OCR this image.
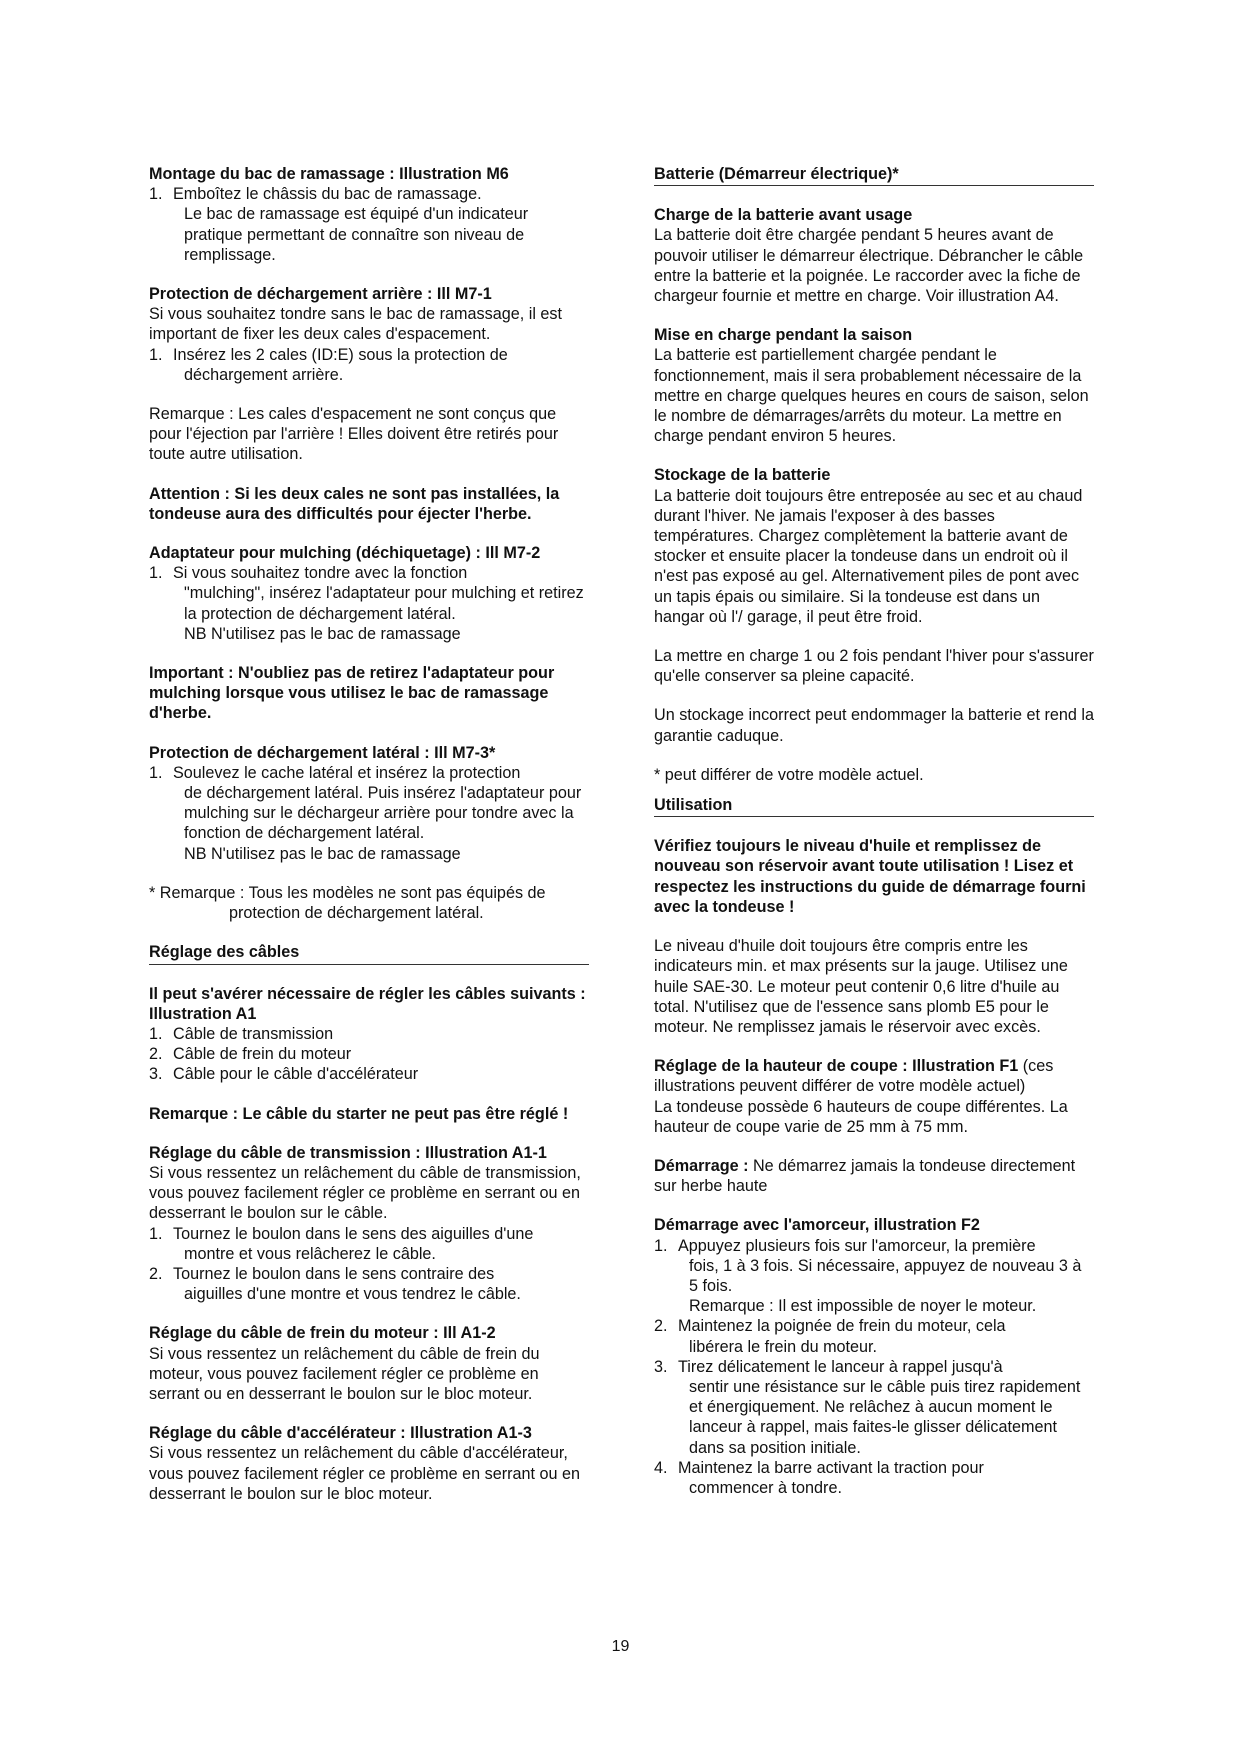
Montage du bac de ramassage : Illustration M6

1. Emboîtez le châssis du bac de ramassage.

Le bac de ramassage est équipé d'un indicateur pratique permettant de connaître son niveau de remplissage.

Protection de déchargement arrière : Ill M7-1

Si vous souhaitez tondre sans le bac de ramassage, il est important de fixer les deux cales d'espacement.

1. Insérez les 2 cales (ID:E) sous la protection de
déchargement arrière.

Remarque : Les cales d'espacement ne sont conçus que pour l'éjection par l'arrière ! Elles doivent être retirés pour toute autre utilisation.

Attention : Si les deux cales ne sont pas installées, la tondeuse aura des difficultés pour éjecter l'herbe.

Adaptateur pour mulching (déchiquetage) : Ill M7-2

1. Si vous souhaitez tondre avec la fonction
"mulching", insérez l'adaptateur pour mulching et retirez la protection de déchargement latéral.
NB N'utilisez pas le bac de ramassage

Important : N'oubliez pas de retirez l'adaptateur pour mulching lorsque vous utilisez le bac de ramassage d'herbe.

Protection de déchargement latéral : Ill M7-3*

1. Soulevez le cache latéral et insérez la protection
de déchargement latéral. Puis insérez l'adaptateur pour mulching sur le déchargeur arrière pour tondre avec la fonction de déchargement latéral.
NB N'utilisez pas le bac de ramassage

* Remarque : Tous les modèles ne sont pas équipés de

protection de déchargement latéral.

Réglage des câbles

Il peut s'avérer nécessaire de régler les câbles suivants : Illustration A1

1. Câble de transmission
2. Câble de frein du moteur
3. Câble pour le câble d'accélérateur

Remarque : Le câble du starter ne peut pas être réglé !

Réglage du câble de transmission : Illustration A1-1

Si vous ressentez un relâchement du câble de transmission, vous pouvez facilement régler ce problème en serrant ou en desserrant le boulon sur le câble.

1. Tournez le boulon dans le sens des aiguilles d'une
montre et vous relâcherez le câble.
2. Tournez le boulon dans le sens contraire des
aiguilles d'une montre et vous tendrez le câble.

Réglage du câble de frein du moteur : Ill A1-2

Si vous ressentez un relâchement du câble de frein du moteur, vous pouvez facilement régler ce problème en serrant ou en desserrant le boulon sur le bloc moteur.

Réglage du câble d'accélérateur : Illustration A1-3

Si vous ressentez un relâchement du câble d'accélérateur, vous pouvez facilement régler ce problème en serrant ou en desserrant le boulon sur le bloc moteur.

Batterie (Démarreur électrique)*

Charge de la batterie avant usage

La batterie doit être chargée pendant 5 heures avant de pouvoir utiliser le démarreur électrique. Débrancher le câble entre la batterie et la poignée. Le raccorder avec la fiche de chargeur fournie et mettre en charge. Voir illustration A4.

Mise en charge pendant la saison

La batterie est partiellement chargée pendant le fonctionnement, mais il sera probablement nécessaire de la mettre en charge quelques heures en cours de saison, selon le nombre de démarrages/arrêts du moteur. La mettre en charge pendant environ 5 heures.

Stockage de la batterie

La batterie doit toujours être entreposée au sec et au chaud durant l'hiver. Ne jamais l'exposer à des basses températures. Chargez complètement la batterie avant de stocker et ensuite placer la tondeuse dans un endroit où il n'est pas exposé au gel. Alternativement piles de pont avec un tapis épais ou similaire. Si la tondeuse est dans un hangar où l'/ garage, il peut être froid.

La mettre en charge 1 ou 2 fois pendant l'hiver pour s'assurer qu'elle conserver sa pleine capacité.

Un stockage incorrect peut endommager la batterie et rend la garantie caduque.

* peut différer de votre modèle actuel.

Utilisation

Vérifiez toujours le niveau d'huile et remplissez de nouveau son réservoir avant toute utilisation ! Lisez et respectez les instructions du guide de démarrage fourni avec la tondeuse !

Le niveau d'huile doit toujours être compris entre les indicateurs min. et max présents sur la jauge. Utilisez une huile SAE-30. Le moteur peut contenir 0,6 litre d'huile au total. N'utilisez que de l'essence sans plomb E5 pour le moteur. Ne remplissez jamais le réservoir avec excès.

Réglage de la hauteur de coupe : Illustration F1 (ces illustrations peuvent différer de votre modèle actuel)

La tondeuse possède 6 hauteurs de coupe différentes. La hauteur de coupe varie de 25 mm à 75 mm.

Démarrage : Ne démarrez jamais la tondeuse directement sur herbe haute

Démarrage avec l'amorceur, illustration F2

1. Appuyez plusieurs fois sur l'amorceur, la première
fois, 1 à 3 fois. Si nécessaire, appuyez de nouveau 3 à 5 fois.
Remarque : Il est impossible de noyer le moteur.
2. Maintenez la poignée de frein du moteur, cela
libérera le frein du moteur.
3. Tirez délicatement le lanceur à rappel jusqu'à
sentir une résistance sur le câble puis tirez rapidement et énergiquement. Ne relâchez à aucun moment le lanceur à rappel, mais faites-le glisser délicatement dans sa position initiale.
4. Maintenez la barre activant la traction pour
commencer à tondre.
19
